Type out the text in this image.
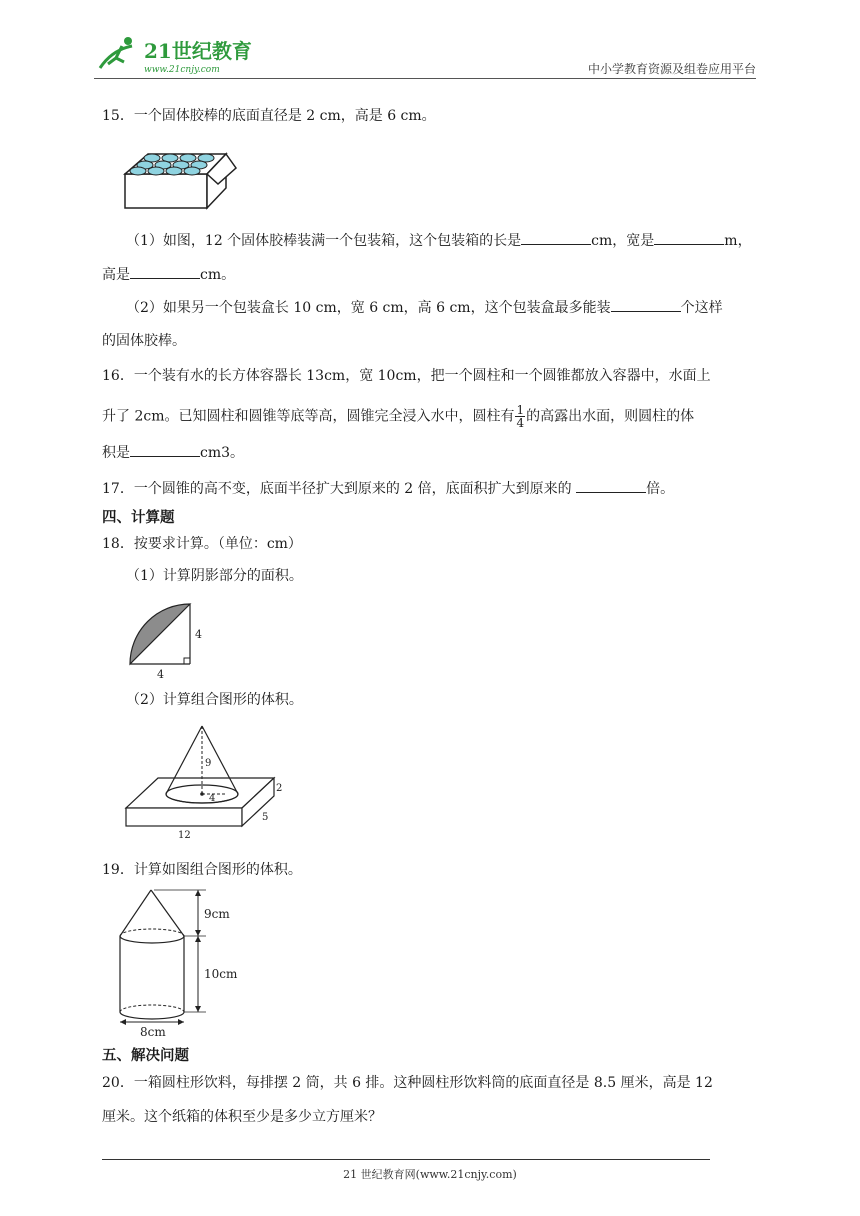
21世纪教育
www.21cnjy.com	中小学教育资源及组卷应用平台
15．一个固体胶棒的底面直径是 2 cm，高是 6 cm。
（1）如图，12 个固体胶棒装满一个包装箱，这个包装箱的长是	cm，宽是	m，
高是	cm。
（2）如果另一个包装盒长 10 cm，宽 6 cm，高 6 cm，这个包装盒最多能装	个这样
的固体胶棒。
16．一个装有水的长方体容器长 13cm，宽 10cm，把一个圆柱和一个圆锥都放入容器中，水面上
升了 2cm。已知圆柱和圆锥等底等高，圆锥完全浸入水中，圆柱有 $\frac{1}{4}$ 的高露出水面，则圆柱的体
积是	cm3。
17．一个圆锥的高不变，底面半径扩大到原来的 2 倍，底面积扩大到原来的	倍。
四、计算题
18．按要求计算。（单位：cm）
（1）计算阴影部分的面积。
4
4
（2）计算组合图形的体积。
9
4
2
5
12
19．计算如图组合图形的体积。
9cm
10cm
8cm
五、解决问题
20．一箱圆柱形饮料，每排摆 2 筒，共 6 排。这种圆柱形饮料筒的底面直径是 8.5 厘米，高是 12
厘米。这个纸箱的体积至少是多少立方厘米？
21 世纪教育网(www.21cnjy.com)
